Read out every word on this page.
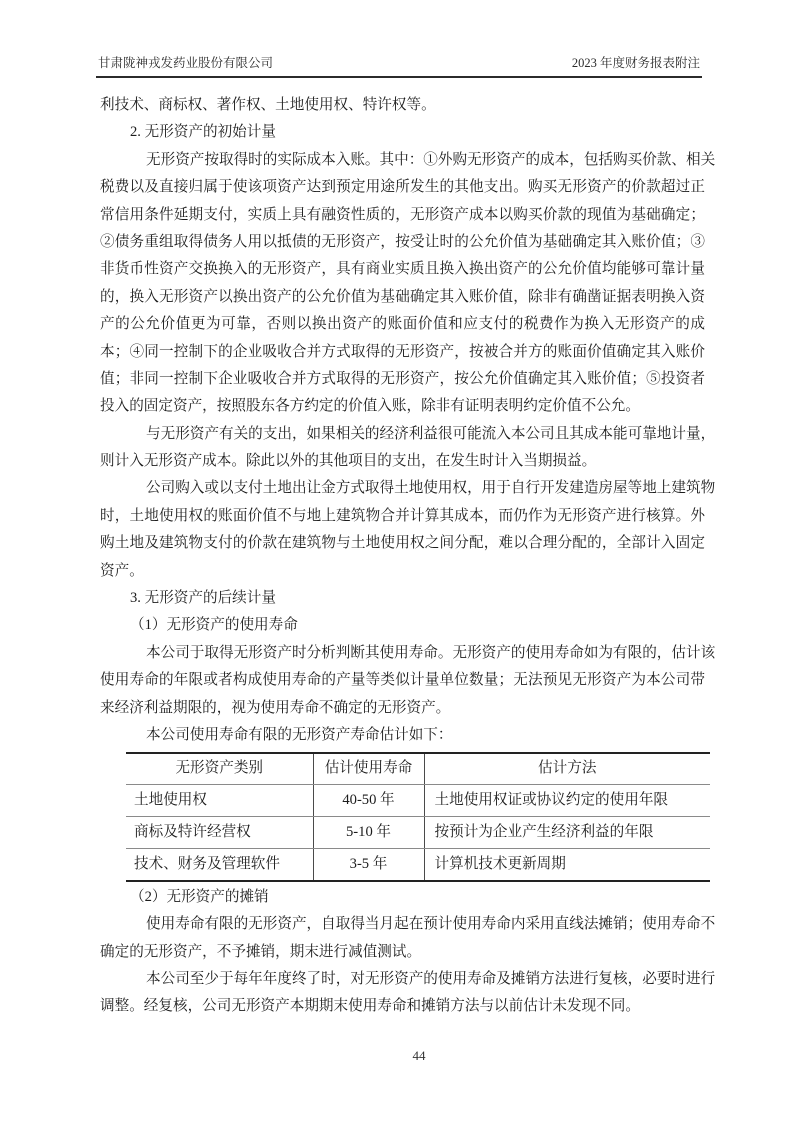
甘肃陇神戎发药业股份有限公司	2023 年度财务报表附注
利技术、商标权、著作权、土地使用权、特许权等。
2. 无形资产的初始计量
无形资产按取得时的实际成本入账。其中：①外购无形资产的成本，包括购买价款、相关
税费以及直接归属于使该项资产达到预定用途所发生的其他支出。购买无形资产的价款超过正
常信用条件延期支付，实质上具有融资性质的，无形资产成本以购买价款的现值为基础确定；
②债务重组取得债务人用以抵债的无形资产，按受让时的公允价值为基础确定其入账价值；③
非货币性资产交换换入的无形资产，具有商业实质且换入换出资产的公允价值均能够可靠计量
的，换入无形资产以换出资产的公允价值为基础确定其入账价值，除非有确凿证据表明换入资
产的公允价值更为可靠，否则以换出资产的账面价值和应支付的税费作为换入无形资产的成
本；④同一控制下的企业吸收合并方式取得的无形资产，按被合并方的账面价值确定其入账价
值；非同一控制下企业吸收合并方式取得的无形资产，按公允价值确定其入账价值；⑤投资者
投入的固定资产，按照股东各方约定的价值入账，除非有证明表明约定价值不公允。
与无形资产有关的支出，如果相关的经济利益很可能流入本公司且其成本能可靠地计量，
则计入无形资产成本。除此以外的其他项目的支出，在发生时计入当期损益。
公司购入或以支付土地出让金方式取得土地使用权，用于自行开发建造房屋等地上建筑物
时，土地使用权的账面价值不与地上建筑物合并计算其成本，而仍作为无形资产进行核算。外
购土地及建筑物支付的价款在建筑物与土地使用权之间分配，难以合理分配的，全部计入固定
资产。
3. 无形资产的后续计量
（1）无形资产的使用寿命
本公司于取得无形资产时分析判断其使用寿命。无形资产的使用寿命如为有限的，估计该
使用寿命的年限或者构成使用寿命的产量等类似计量单位数量；无法预见无形资产为本公司带
来经济利益期限的，视为使用寿命不确定的无形资产。
本公司使用寿命有限的无形资产寿命估计如下：
无形资产类别	估计使用寿命	估计方法
土地使用权	40-50 年	土地使用权证或协议约定的使用年限
商标及特许经营权	5-10 年	按预计为企业产生经济利益的年限
技术、财务及管理软件	3-5 年	计算机技术更新周期
（2）无形资产的摊销
使用寿命有限的无形资产，自取得当月起在预计使用寿命内采用直线法摊销；使用寿命不
确定的无形资产，不予摊销，期末进行减值测试。
本公司至少于每年年度终了时，对无形资产的使用寿命及摊销方法进行复核，必要时进行
调整。经复核，公司无形资产本期期末使用寿命和摊销方法与以前估计未发现不同。
44
